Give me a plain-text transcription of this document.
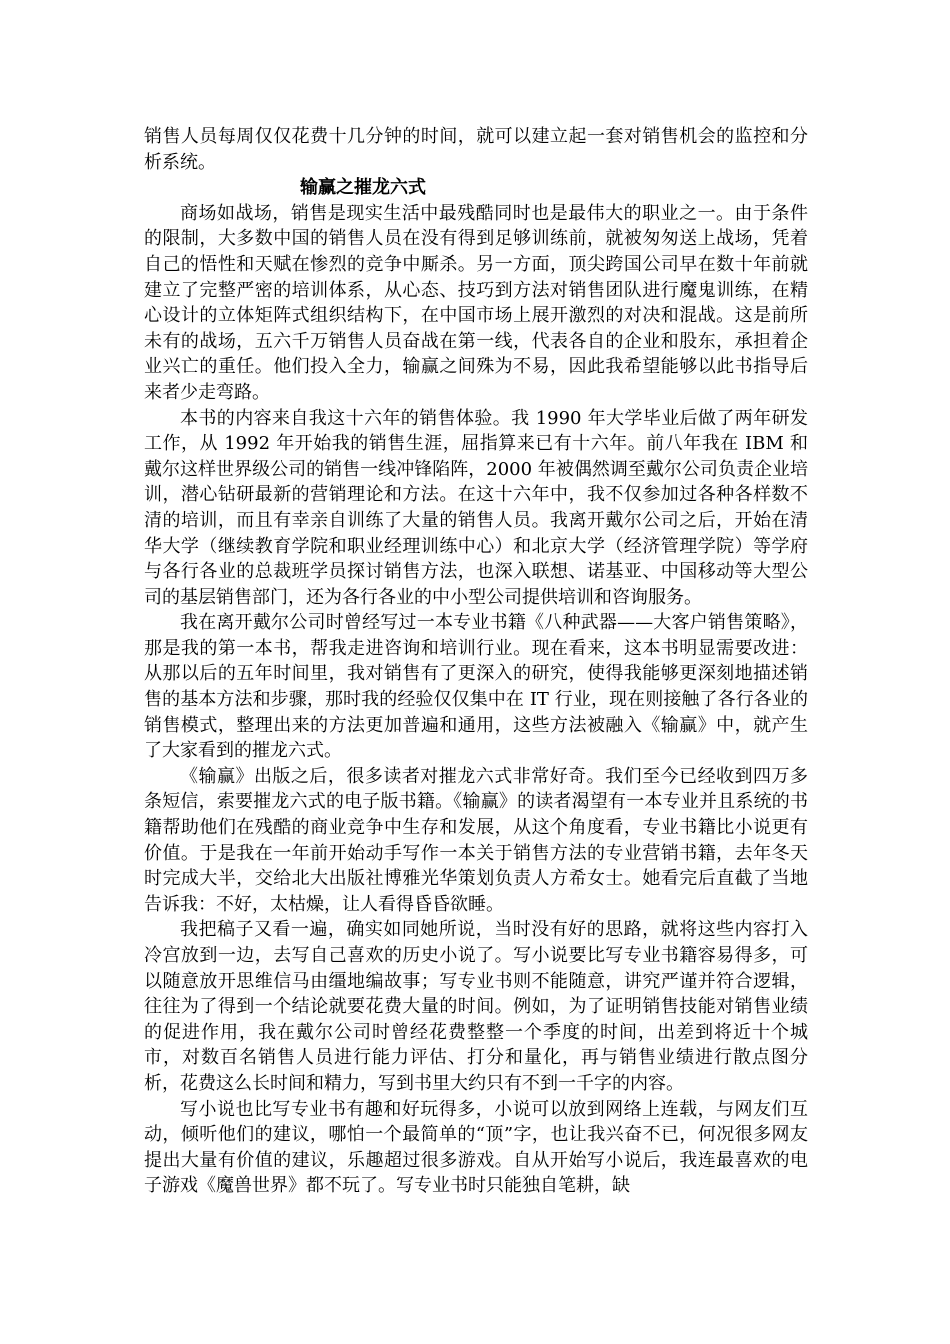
销售人员每周仅仅花费十几分钟的时间，就可以建立起一套对销售机会的监控和分析系统。

输赢之摧龙六式

商场如战场，销售是现实生活中最残酷同时也是最伟大的职业之一。由于条件的限制，大多数中国的销售人员在没有得到足够训练前，就被匆匆送上战场，凭着自己的悟性和天赋在惨烈的竞争中厮杀。另一方面，顶尖跨国公司早在数十年前就建立了完整严密的培训体系，从心态、技巧到方法对销售团队进行魔鬼训练，在精心设计的立体矩阵式组织结构下，在中国市场上展开激烈的对决和混战。这是前所未有的战场，五六千万销售人员奋战在第一线，代表各自的企业和股东，承担着企业兴亡的重任。他们投入全力，输赢之间殊为不易，因此我希望能够以此书指导后来者少走弯路。

本书的内容来自我这十六年的销售体验。我 1990 年大学毕业后做了两年研发工作，从 1992 年开始我的销售生涯，屈指算来已有十六年。前八年我在 IBM 和戴尔这样世界级公司的销售一线冲锋陷阵，2000 年被偶然调至戴尔公司负责企业培训，潜心钻研最新的营销理论和方法。在这十六年中，我不仅参加过各种各样数不清的培训，而且有幸亲自训练了大量的销售人员。我离开戴尔公司之后，开始在清华大学（继续教育学院和职业经理训练中心）和北京大学（经济管理学院）等学府与各行各业的总裁班学员探讨销售方法，也深入联想、诺基亚、中国移动等大型公司的基层销售部门，还为各行各业的中小型公司提供培训和咨询服务。

我在离开戴尔公司时曾经写过一本专业书籍《八种武器——大客户销售策略》，那是我的第一本书，帮我走进咨询和培训行业。现在看来，这本书明显需要改进：从那以后的五年时间里，我对销售有了更深入的研究，使得我能够更深刻地描述销售的基本方法和步骤，那时我的经验仅仅集中在 IT 行业，现在则接触了各行各业的销售模式，整理出来的方法更加普遍和通用，这些方法被融入《输赢》中，就产生了大家看到的摧龙六式。

《输赢》出版之后，很多读者对摧龙六式非常好奇。我们至今已经收到四万多条短信，索要摧龙六式的电子版书籍。《输赢》的读者渴望有一本专业并且系统的书籍帮助他们在残酷的商业竞争中生存和发展，从这个角度看，专业书籍比小说更有价值。于是我在一年前开始动手写作一本关于销售方法的专业营销书籍，去年冬天时完成大半，交给北大出版社博雅光华策划负责人方希女士。她看完后直截了当地告诉我：不好，太枯燥，让人看得昏昏欲睡。

我把稿子又看一遍，确实如同她所说，当时没有好的思路，就将这些内容打入冷宫放到一边，去写自己喜欢的历史小说了。写小说要比写专业书籍容易得多，可以随意放开思维信马由缰地编故事；写专业书则不能随意，讲究严谨并符合逻辑，往往为了得到一个结论就要花费大量的时间。例如，为了证明销售技能对销售业绩的促进作用，我在戴尔公司时曾经花费整整一个季度的时间，出差到将近十个城市，对数百名销售人员进行能力评估、打分和量化，再与销售业绩进行散点图分析，花费这么长时间和精力，写到书里大约只有不到一千字的内容。

写小说也比写专业书有趣和好玩得多，小说可以放到网络上连载，与网友们互动，倾听他们的建议，哪怕一个最简单的“顶”字，也让我兴奋不已，何况很多网友提出大量有价值的建议，乐趣超过很多游戏。自从开始写小说后，我连最喜欢的电子游戏《魔兽世界》都不玩了。写专业书时只能独自笔耕，缺
